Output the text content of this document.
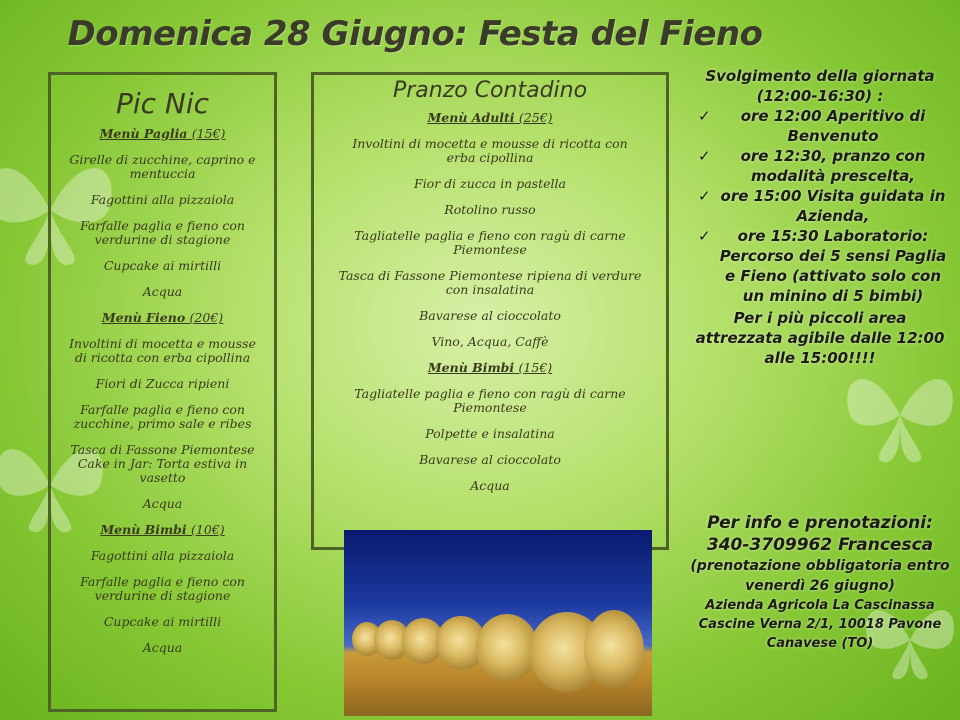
Domenica 28 Giugno: Festa del Fieno
Pic Nic
Menù Paglia (15€)
Girelle di zucchine, caprino e mentuccia
Fagottini alla pizzaiola
Farfalle paglia e fieno con verdurine di stagione
Cupcake ai mirtilli
Acqua
Menù Fieno (20€)
Involtini di mocetta e mousse di ricotta con erba cipollina
Fiori di Zucca ripieni
Farfalle paglia e fieno con zucchine, primo sale e ribes
Tasca di Fassone Piemontese Cake in Jar: Torta estiva in vasetto
Acqua
Menù Bimbi (10€)
Fagottini alla pizzaiola
Farfalle paglia e fieno con verdurine di stagione
Cupcake ai mirtilli
Acqua
Pranzo Contadino
Menù Adulti (25€)
Involtini di mocetta e mousse di ricotta con erba cipollina
Fior di zucca in pastella
Rotolino russo
Tagliatelle paglia e fieno con ragù di carne Piemontese
Tasca di Fassone Piemontese ripiena di verdure con insalatina
Bavarese al cioccolato
Vino, Acqua, Caffè
Menù Bimbi (15€)
Tagliatelle paglia e fieno con ragù di carne Piemontese
Polpette e insalatina
Bavarese al cioccolato
Acqua
Svolgimento della giornata (12:00-16:30) :
✓ ore 12:00 Aperitivo di Benvenuto
✓ ore 12:30, pranzo con modalità prescelta,
✓ ore 15:00 Visita guidata in Azienda,
✓ ore 15:30 Laboratorio: Percorso dei 5 sensi Paglia e Fieno (attivato solo con un minino di 5 bimbi)
Per i più piccoli area attrezzata agibile dalle 12:00 alle 15:00!!!!
Per info e prenotazioni:
340-3709962 Francesca
(prenotazione obbligatoria entro venerdì 26 giugno)
Azienda Agricola La Cascinassa Cascine Verna 2/1, 10018 Pavone Canavese (TO)
